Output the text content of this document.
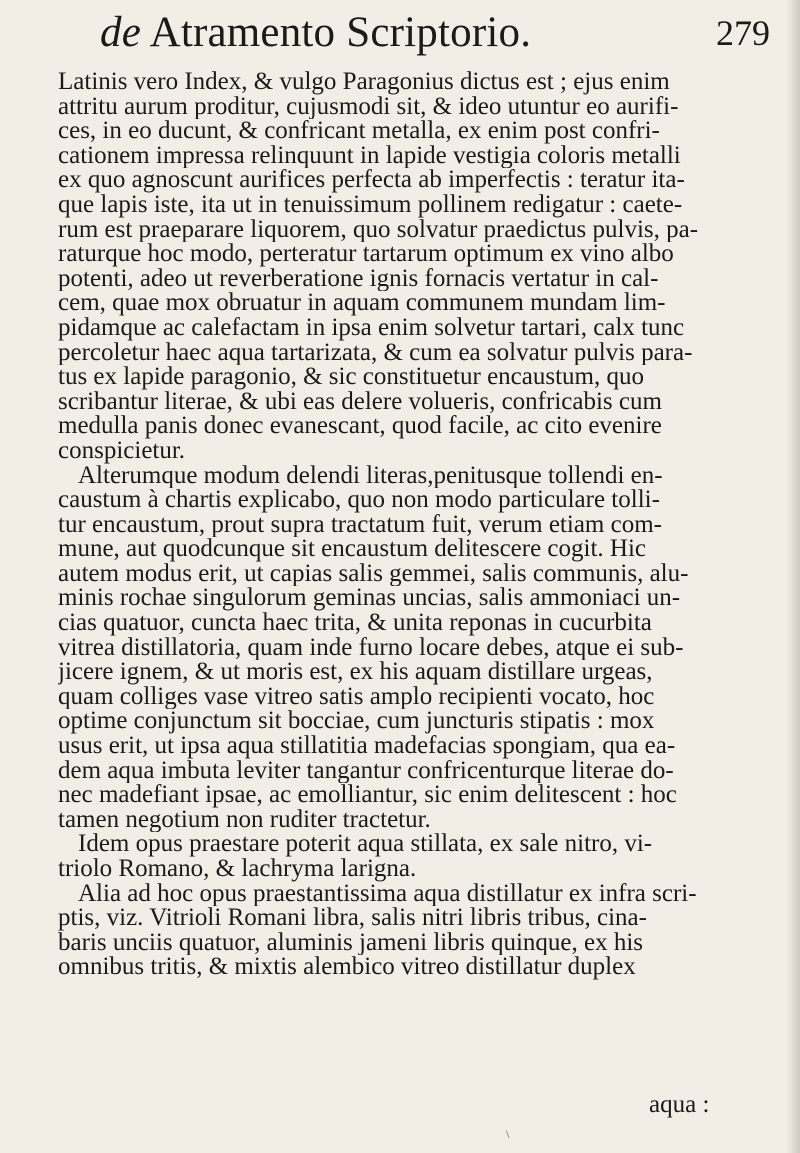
de Atramento Scriptorio.	279
Latinis vero Index, & vulgo Paragonius dictus est ; ejus enim
attritu aurum proditur, cujusmodi sit, & ideo utuntur eo aurifi-
ces, in eo ducunt, & confricant metalla, ex enim post confri-
cationem impressa relinquunt in lapide vestigia coloris metalli
ex quo agnoscunt aurifices perfecta ab imperfectis : teratur ita-
que lapis iste, ita ut in tenuissimum pollinem redigatur : caete-
rum est praeparare liquorem, quo solvatur praedictus pulvis, pa-
raturque hoc modo, perteratur tartarum optimum ex vino albo
potenti, adeo ut reverberatione ignis fornacis vertatur in cal-
cem, quae mox obruatur in aquam communem mundam lim-
pidamque ac calefactam in ipsa enim solvetur tartari, calx tunc
percoletur haec aqua tartarizata, & cum ea solvatur pulvis para-
tus ex lapide paragonio, & sic constituetur encaustum, quo
scribantur literae, & ubi eas delere volueris, confricabis cum
medulla panis donec evanescant, quod facile, ac cito evenire
conspicietur.
Alterumque modum delendi literas,penitusque tollendi en-
caustum à chartis explicabo, quo non modo particulare tolli-
tur encaustum, prout supra tractatum fuit, verum etiam com-
mune, aut quodcunque sit encaustum delitescere cogit. Hic
autem modus erit, ut capias salis gemmei, salis communis, alu-
minis rochae singulorum geminas uncias, salis ammoniaci un-
cias quatuor, cuncta haec trita, & unita reponas in cucurbita
vitrea distillatoria, quam inde furno locare debes, atque ei sub-
jicere ignem, & ut moris est, ex his aquam distillare urgeas,
quam colliges vase vitreo satis amplo recipienti vocato, hoc
optime conjunctum sit bocciae, cum juncturis stipatis : mox
usus erit, ut ipsa aqua stillatitia madefacias spongiam, qua ea-
dem aqua imbuta leviter tangantur confricenturque literae do-
nec madefiant ipsae, ac emolliantur, sic enim delitescent : hoc
tamen negotium non ruditer tractetur.
Idem opus praestare poterit aqua stillata, ex sale nitro, vi-
triolo Romano, & lachryma larigna.
Alia ad hoc opus praestantissima aqua distillatur ex infra scri-
ptis, viz. Vitrioli Romani libra, salis nitri libris tribus, cina-
baris unciis quatuor, aluminis jameni libris quinque, ex his
omnibus tritis, & mixtis alembico vitreo distillatur duplex
aqua :
\
